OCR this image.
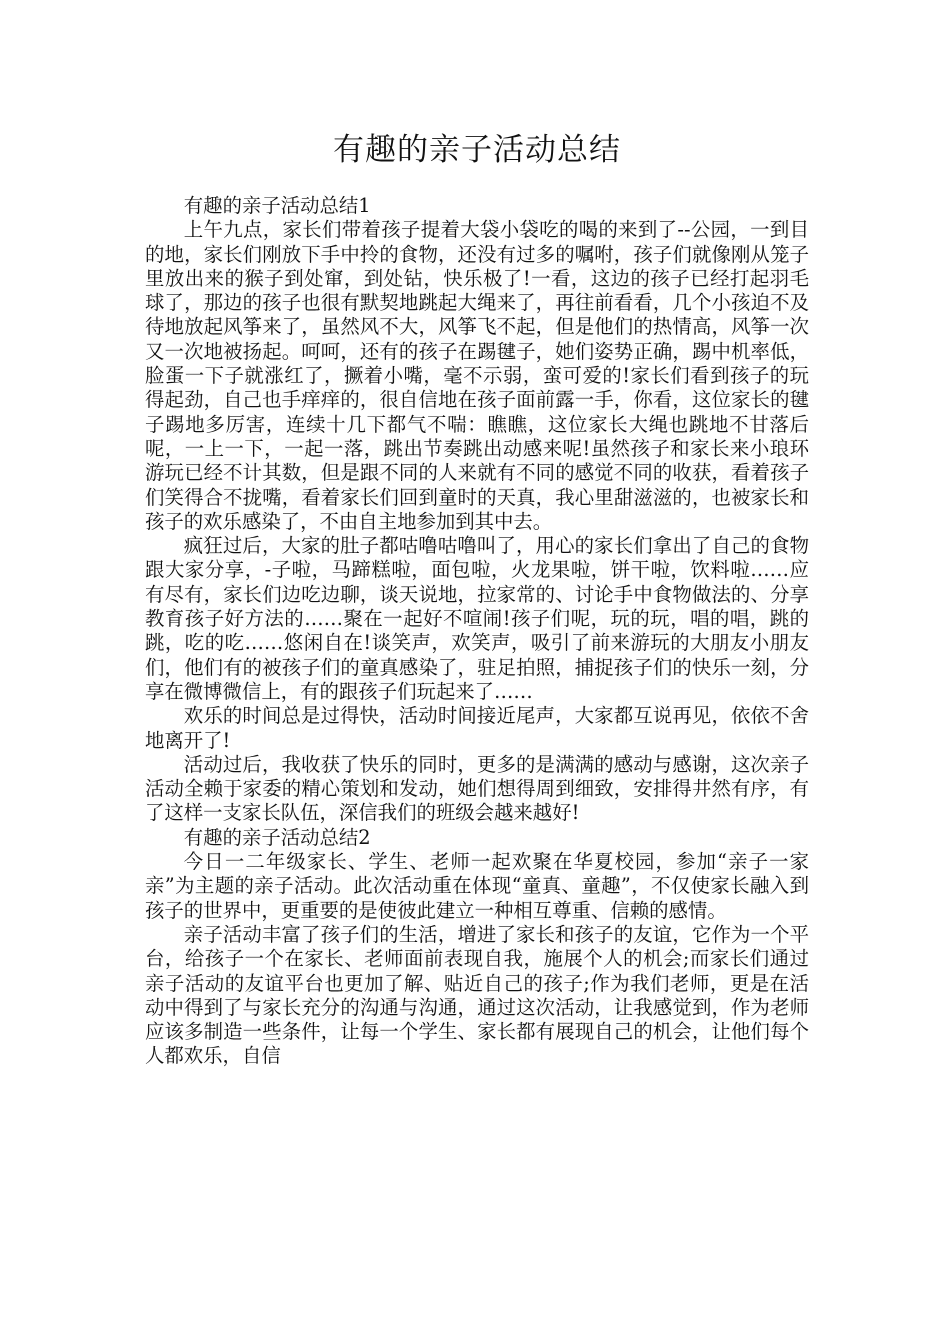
有趣的亲子活动总结

有趣的亲子活动总结1

上午九点，家长们带着孩子提着大袋小袋吃的喝的来到了--公园，一到目的地，家长们刚放下手中拎的食物，还没有过多的嘱咐，孩子们就像刚从笼子里放出来的猴子到处窜，到处钻，快乐极了!一看，这边的孩子已经打起羽毛球了，那边的孩子也很有默契地跳起大绳来了，再往前看看，几个小孩迫不及待地放起风筝来了，虽然风不大，风筝飞不起，但是他们的热情高，风筝一次又一次地被扬起。呵呵，还有的孩子在踢毽子，她们姿势正确，踢中机率低，脸蛋一下子就涨红了，撅着小嘴，毫不示弱，蛮可爱的!家长们看到孩子的玩得起劲，自己也手痒痒的，很自信地在孩子面前露一手，你看，这位家长的毽子踢地多厉害，连续十几下都气不喘：瞧瞧，这位家长大绳也跳地不甘落后呢，一上一下，一起一落，跳出节奏跳出动感来呢!虽然孩子和家长来小琅环游玩已经不计其数，但是跟不同的人来就有不同的感觉不同的收获，看着孩子们笑得合不拢嘴，看着家长们回到童时的天真，我心里甜滋滋的，也被家长和孩子的欢乐感染了，不由自主地参加到其中去。

疯狂过后，大家的肚子都咕噜咕噜叫了，用心的家长们拿出了自己的食物跟大家分享，-子啦，马蹄糕啦，面包啦，火龙果啦，饼干啦，饮料啦……应有尽有，家长们边吃边聊，谈天说地，拉家常的、讨论手中食物做法的、分享教育孩子好方法的……聚在一起好不喧闹!孩子们呢，玩的玩，唱的唱，跳的跳，吃的吃……悠闲自在!谈笑声，欢笑声，吸引了前来游玩的大朋友小朋友们，他们有的被孩子们的童真感染了，驻足拍照，捕捉孩子们的快乐一刻，分享在微博微信上，有的跟孩子们玩起来了……

欢乐的时间总是过得快，活动时间接近尾声，大家都互说再见，依依不舍地离开了!

活动过后，我收获了快乐的同时，更多的是满满的感动与感谢，这次亲子活动全赖于家委的精心策划和发动，她们想得周到细致，安排得井然有序，有了这样一支家长队伍，深信我们的班级会越来越好!

有趣的亲子活动总结2

今日一二年级家长、学生、老师一起欢聚在华夏校园，参加“亲子一家亲”为主题的亲子活动。此次活动重在体现“童真、童趣”，不仅使家长融入到孩子的世界中，更重要的是使彼此建立一种相互尊重、信赖的感情。

亲子活动丰富了孩子们的生活，增进了家长和孩子的友谊，它作为一个平台，给孩子一个在家长、老师面前表现自我，施展个人的机会;而家长们通过亲子活动的友谊平台也更加了解、贴近自己的孩子;作为我们老师，更是在活动中得到了与家长充分的沟通与沟通，通过这次活动，让我感觉到，作为老师应该多制造一些条件，让每一个学生、家长都有展现自己的机会，让他们每个人都欢乐，自信
